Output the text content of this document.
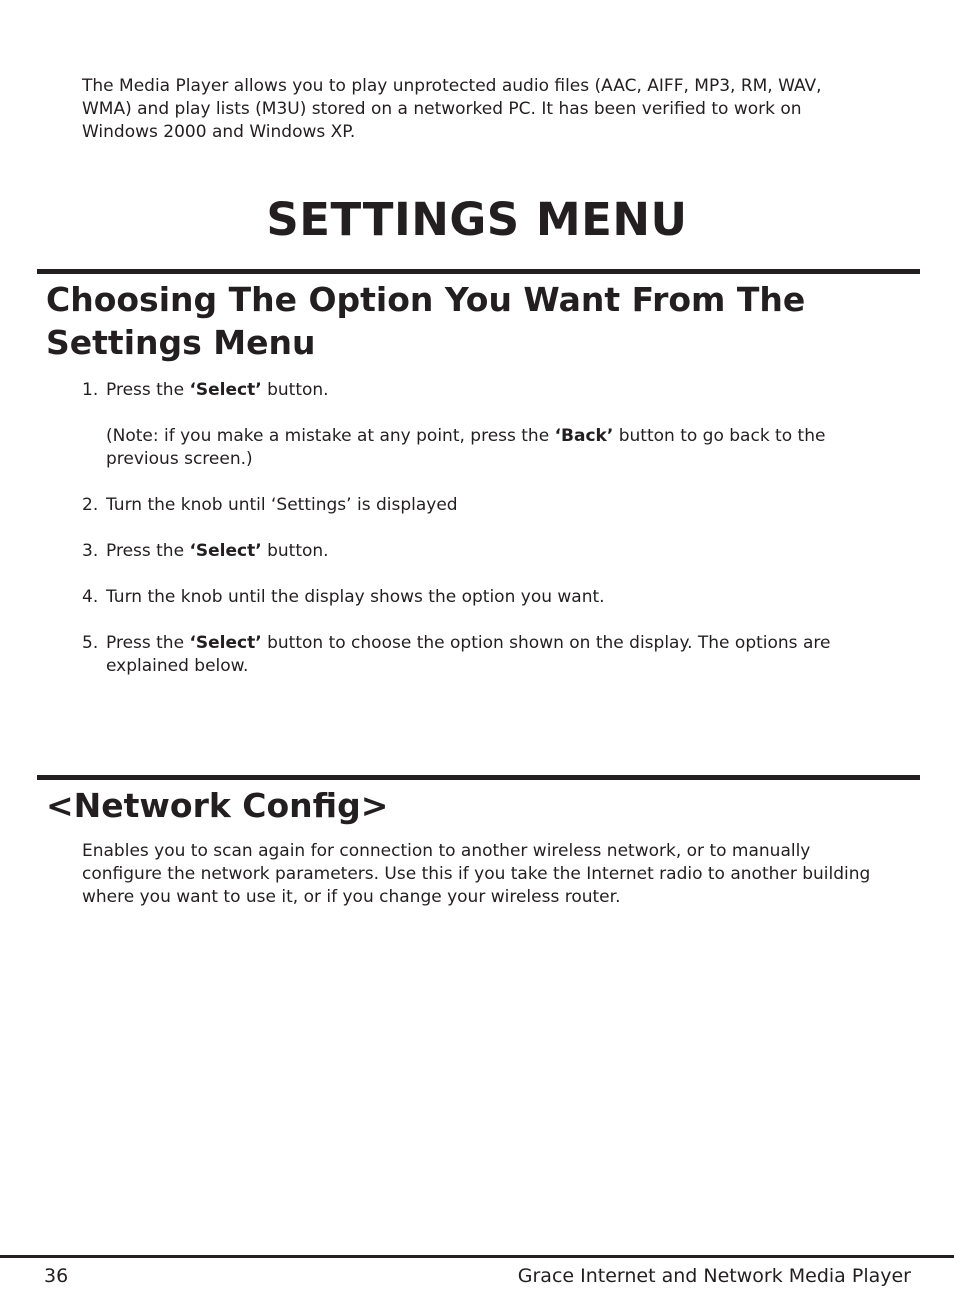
The Media Player allows you to play unprotected audio files (AAC, AIFF, MP3, RM, WAV, WMA) and play lists (M3U) stored on a networked PC. It has been verified to work on Windows 2000 and Windows XP.

SETTINGS MENU
Choosing The Option You Want From The Settings Menu
1. Press the ‘Select’ button.

(Note: if you make a mistake at any point, press the ‘Back’ button to go back to the previous screen.)

2. Turn the knob until ‘Settings’ is displayed

3. Press the ‘Select’ button.

4. Turn the knob until the display shows the option you want.

5. Press the ‘Select’ button to choose the option shown on the display. The options are explained below.

<Network Config>

Enables you to scan again for connection to another wireless network, or to manually configure the network parameters. Use this if you take the Internet radio to another building where you want to use it, or if you change your wireless router.

36	Grace Internet and Network Media Player
